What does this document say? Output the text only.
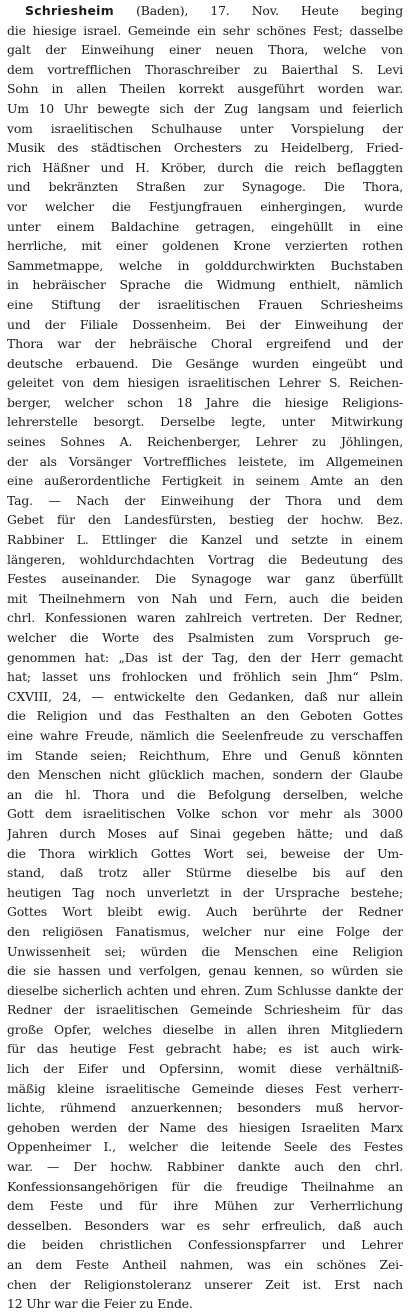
Schriesheim (Baden), 17. Nov. Heute beging
die hiesige israel. Gemeinde ein sehr schönes Fest; dasselbe
galt der Einweihung einer neuen Thora, welche von
dem vortrefflichen Thoraschreiber zu Baierthal S. Levi
Sohn in allen Theilen korrekt ausgeführt worden war.
Um 10 Uhr bewegte sich der Zug langsam und feierlich
vom israelitischen Schulhause unter Vorspielung der
Musik des städtischen Orchesters zu Heidelberg, Fried-
rich Häßner und H. Kröber, durch die reich beflaggten
und bekränzten Straßen zur Synagoge. Die Thora,
vor welcher die Festjungfrauen einhergingen, wurde
unter einem Baldachine getragen, eingehüllt in eine
herrliche, mit einer goldenen Krone verzierten rothen
Sammetmappe, welche in golddurchwirkten Buchstaben
in hebräischer Sprache die Widmung enthielt, nämlich
eine Stiftung der israelitischen Frauen Schriesheims
und der Filiale Dossenheim. Bei der Einweihung der
Thora war der hebräische Choral ergreifend und der
deutsche erbauend. Die Gesänge wurden eingeübt und
geleitet von dem hiesigen israelitischen Lehrer S. Reichen-
berger, welcher schon 18 Jahre die hiesige Religions-
lehrerstelle besorgt. Derselbe legte, unter Mitwirkung
seines Sohnes A. Reichenberger, Lehrer zu Jöhlingen,
der als Vorsänger Vortreffliches leistete, im Allgemeinen
eine außerordentliche Fertigkeit in seinem Amte an den
Tag. — Nach der Einweihung der Thora und dem
Gebet für den Landesfürsten, bestieg der hochw. Bez.
Rabbiner L. Ettlinger die Kanzel und setzte in einem
längeren, wohldurchdachten Vortrag die Bedeutung des
Festes auseinander. Die Synagoge war ganz überfüllt
mit Theilnehmern von Nah und Fern, auch die beiden
chrl. Konfessionen waren zahlreich vertreten. Der Redner,
welcher die Worte des Psalmisten zum Vorspruch ge-
genommen hat: „Das ist der Tag, den der Herr gemacht
hat; lasset uns frohlocken und fröhlich sein Jhm“ Pslm.
CXVIII, 24, — entwickelte den Gedanken, daß nur allein
die Religion und das Festhalten an den Geboten Gottes
eine wahre Freude, nämlich die Seelenfreude zu verschaffen
im Stande seien; Reichthum, Ehre und Genuß könnten
den Menschen nicht glücklich machen, sondern der Glaube
an die hl. Thora und die Befolgung derselben, welche
Gott dem israelitischen Volke schon vor mehr als 3000
Jahren durch Moses auf Sinai gegeben hätte; und daß
die Thora wirklich Gottes Wort sei, beweise der Um-
stand, daß trotz aller Stürme dieselbe bis auf den
heutigen Tag noch unverletzt in der Ursprache bestehe;
Gottes Wort bleibt ewig. Auch berührte der Redner
den religiösen Fanatismus, welcher nur eine Folge der
Unwissenheit sei; würden die Menschen eine Religion
die sie hassen und verfolgen, genau kennen, so würden sie
dieselbe sicherlich achten und ehren. Zum Schlusse dankte der
Redner der israelitischen Gemeinde Schriesheim für das
große Opfer, welches dieselbe in allen ihren Mitgliedern
für das heutige Fest gebracht habe; es ist auch wirk-
lich der Eifer und Opfersinn, womit diese verhältniß-
mäßig kleine israelitische Gemeinde dieses Fest verherr-
lichte, rühmend anzuerkennen; besonders muß hervor-
gehoben werden der Name des hiesigen Israeliten Marx
Oppenheimer I., welcher die leitende Seele des Festes
war. — Der hochw. Rabbiner dankte auch den chrl.
Konfessionsangehörigen für die freudige Theilnahme an
dem Feste und für ihre Mühen zur Verherrlichung
desselben. Besonders war es sehr erfreulich, daß auch
die beiden christlichen Confessionspfarrer und Lehrer
an dem Feste Antheil nahmen, was ein schönes Zei-
chen der Religionstoleranz unserer Zeit ist. Erst nach
12 Uhr war die Feier zu Ende.
